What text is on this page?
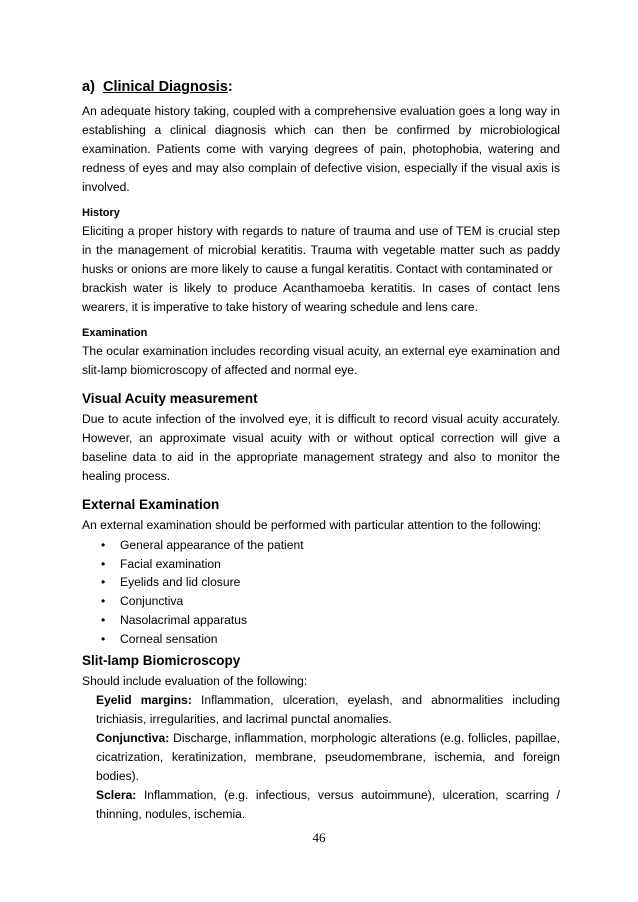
a) Clinical Diagnosis:

An adequate history taking, coupled with a comprehensive evaluation goes a long way in establishing a clinical diagnosis which can then be confirmed by microbiological examination. Patients come with varying degrees of pain, photophobia, watering and redness of eyes and may also complain of defective vision, especially if the visual axis is involved.

History

Eliciting a proper history with regards to nature of trauma and use of TEM is crucial step in the management of microbial keratitis. Trauma with vegetable matter such as paddy husks or onions are more likely to cause a fungal keratitis. Contact with contaminated or

brackish water is likely to produce Acanthamoeba keratitis. In cases of contact lens wearers, it is imperative to take history of wearing schedule and lens care.

Examination

The ocular examination includes recording visual acuity, an external eye examination and slit-lamp biomicroscopy of affected and normal eye.

Visual Acuity measurement

Due to acute infection of the involved eye, it is difficult to record visual acuity accurately. However, an approximate visual acuity with or without optical correction will give a baseline data to aid in the appropriate management strategy and also to monitor the healing process.

External Examination

An external examination should be performed with particular attention to the following:

• General appearance of the patient
• Facial examination
• Eyelids and lid closure
• Conjunctiva
• Nasolacrimal apparatus
• Corneal sensation
Slit-lamp Biomicroscopy

Should include evaluation of the following:

Eyelid margins: Inflammation, ulceration, eyelash, and abnormalities including trichiasis, irregularities, and lacrimal punctal anomalies.

Conjunctiva: Discharge, inflammation, morphologic alterations (e.g. follicles, papillae, cicatrization, keratinization, membrane, pseudomembrane, ischemia, and foreign bodies).

Sclera: Inflammation, (e.g. infectious, versus autoimmune), ulceration, scarring / thinning, nodules, ischemia.

46
